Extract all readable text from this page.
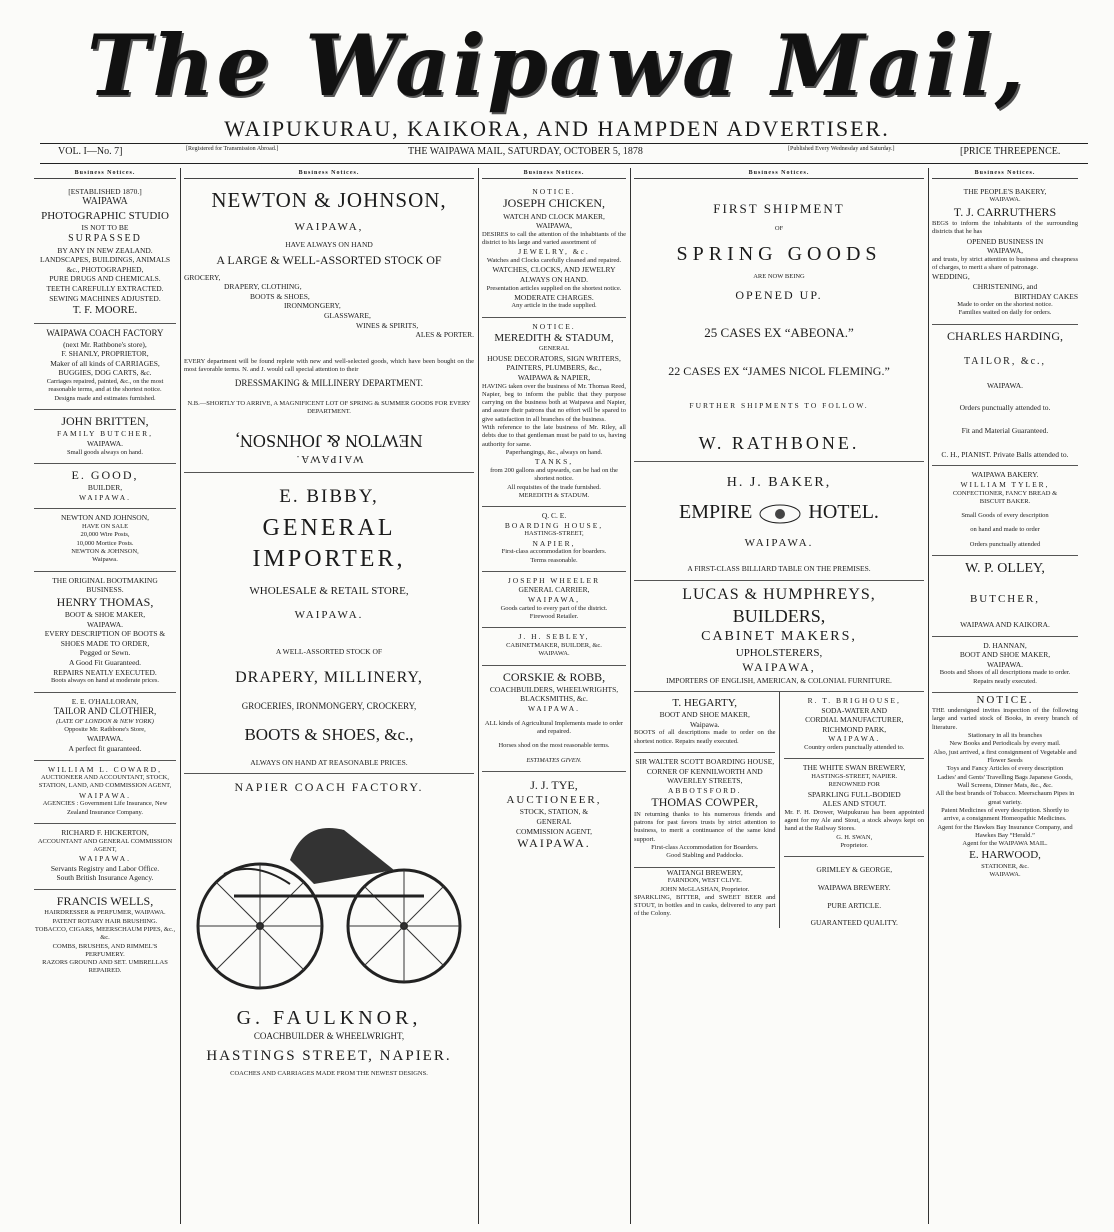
The Waipawa Mail,
WAIPUKURAU, KAIKORA, AND HAMPDEN ADVERTISER.
VOL. I—No. 7]	[Registered for Transmission Abroad.]	THE WAIPAWA MAIL, SATURDAY, OCTOBER 5, 1878	[Published Every Wednesday and Saturday.]	[PRICE THREEPENCE.
Business Notices.
[ESTABLISHED 1870.]
WAIPAWA
PHOTOGRAPHIC STUDIO
IS NOT TO BE
SURPASSED
BY ANY IN NEW ZEALAND.
LANDSCAPES, BUILDINGS, ANIMALS &c., PHOTOGRAPHED,
PURE DRUGS AND CHEMICALS.
TEETH CAREFULLY EXTRACTED.
SEWING MACHINES ADJUSTED.
T. F. MOORE.
WAIPAWA COACH FACTORY
(next Mr. Rathbone's store),
F. SHANLY, PROPRIETOR,
Maker of all kinds of CARRIAGES, BUGGIES, DOG CARTS, &c.
Carriages repaired, painted, &c., on the most reasonable terms, and at the shortest notice.
Designs made and estimates furnished.
JOHN BRITTEN,
FAMILY BUTCHER,
WAIPAWA.
Small goods always on hand.
E. GOOD,
BUILDER,
WAIPAWA.
NEWTON AND JOHNSON,
HAVE ON SALE
20,000 Wire Posts,
10,000 Mortice Posts.
NEWTON & JOHNSON,
Waipawa.
THE ORIGINAL BOOTMAKING
BUSINESS.
HENRY THOMAS,
BOOT & SHOE MAKER,
WAIPAWA.
EVERY DESCRIPTION OF BOOTS &
SHOES MADE TO ORDER,
Pegged or Sewn.
A Good Fit Guaranteed.
REPAIRS NEATLY EXECUTED.
Boots always on hand at moderate prices.
E. E. O'HALLORAN,
TAILOR AND CLOTHIER,
(LATE OF LONDON & NEW YORK)
Opposite Mr. Rathbone's Store,
WAIPAWA.
A perfect fit guaranteed.
WILLIAM L. COWARD,
AUCTIONEER AND ACCOUNTANT, STOCK, STATION, LAND, AND COMMISSION AGENT,
WAIPAWA.
AGENCIES : Government Life Insurance, New Zealand Insurance Company.
RICHARD F. HICKERTON,
ACCOUNTANT AND GENERAL COMMISSION AGENT,
WAIPAWA.
Servants Registry and Labor Office.
South British Insurance Agency.
FRANCIS WELLS,
HAIRDRESSER & PERFUMER, WAIPAWA.
PATENT ROTARY HAIR BRUSHING.
TOBACCO, CIGARS, MEERSCHAUM PIPES, &c., &c.
COMBS, BRUSHES, AND RIMMEL'S PERFUMERY.
RAZORS GROUND AND SET. UMBRELLAS REPAIRED.
Business Notices.
NEWTON & JOHNSON,
WAIPAWA,
HAVE ALWAYS ON HAND
A LARGE & WELL-ASSORTED STOCK OF
GROCERY,
DRAPERY, CLOTHING,
BOOTS & SHOES,
IRONMONGERY,
GLASSWARE,
WINES & SPIRITS,
ALES & PORTER.
EVERY department will be found replete with new and well-selected goods, which have been bought on the most favorable terms. N. and J. would call special attention to their
DRESSMAKING & MILLINERY DEPARTMENT.
N.B.—SHORTLY TO ARRIVE, A MAGNIFICENT LOT OF SPRING & SUMMER GOODS FOR EVERY DEPARTMENT.
WAIPAWA.
NEWTON & JOHNSON,
E. BIBBY,
GENERAL IMPORTER,
WHOLESALE & RETAIL STORE,
WAIPAWA.
A WELL-ASSORTED STOCK OF
DRAPERY, MILLINERY,
GROCERIES, IRONMONGERY, CROCKERY,
BOOTS & SHOES, &c.,
ALWAYS ON HAND AT REASONABLE PRICES.
NAPIER COACH FACTORY.
G. FAULKNOR,
COACHBUILDER & WHEELWRIGHT,
HASTINGS STREET, NAPIER.
COACHES AND CARRIAGES MADE FROM THE NEWEST DESIGNS.
Business Notices.
NOTICE.
JOSEPH CHICKEN,
WATCH AND CLOCK MAKER,
WAIPAWA,
DESIRES to call the attention of the inhabitants of the district to his large and varied assortment of
JEWELRY, &c.
Watches and Clocks carefully cleaned and repaired.
WATCHES, CLOCKS, AND JEWELRY ALWAYS ON HAND.
Presentation articles supplied on the shortest notice.
MODERATE CHARGES.
Any article in the trade supplied.
NOTICE.
MEREDITH & STADUM,
GENERAL
HOUSE DECORATORS, SIGN WRITERS, PAINTERS, PLUMBERS, &c.,
WAIPAWA & NAPIER,
HAVING taken over the business of Mr. Thomas Reed, Napier, beg to inform the public that they purpose carrying on the business both at Waipawa and Napier, and assure their patrons that no effort will be spared to give satisfaction in all branches of the business.
With reference to the late business of Mr. Riley, all debts due to that gentleman must be paid to us, having authority for same.
Paperhangings, &c., always on hand.
TANKS,
from 200 gallons and upwards, can be had on the shortest notice.
All requisites of the trade furnished.
MEREDITH & STADUM.
Q. C. E.
BOARDING HOUSE,
HASTINGS-STREET,
NAPIER,
First-class accommodation for boarders.
Terms reasonable.
JOSEPH WHEELER
GENERAL CARRIER,
WAIPAWA,
Goods carted to every part of the district.
Firewood Retailer.
J. H. SEBLEY,
CABINETMAKER, BUILDER, &c.
WAIPAWA.
CORSKIE & ROBB,
COACHBUILDERS, WHEELWRIGHTS,
BLACKSMITHS, &c.
WAIPAWA.
ALL kinds of Agricultural Implements made to order and repaired.
Horses shod on the most reasonable terms.
ESTIMATES GIVEN.
J. J. TYE,
AUCTIONEER,
STOCK, STATION, &
GENERAL
COMMISSION AGENT,
WAIPAWA.
Business Notices.
FIRST SHIPMENT
OF
SPRING GOODS
ARE NOW BEING
OPENED UP.
25 CASES EX “ABEONA.”
22 CASES EX “JAMES NICOL FLEMING.”
FURTHER SHIPMENTS TO FOLLOW.
W. RATHBONE.
H. J. BAKER,
EMPIRE	HOTEL.
WAIPAWA.
A FIRST-CLASS BILLIARD TABLE ON THE PREMISES.
LUCAS & HUMPHREYS,
BUILDERS,
CABINET MAKERS,
UPHOLSTERERS,
WAIPAWA,
IMPORTERS OF ENGLISH, AMERICAN, & COLONIAL FURNITURE.
T. HEGARTY,
BOOT AND SHOE MAKER,
Waipawa.
BOOTS of all descriptions made to order on the shortest notice. Repairs neatly executed.
SIR WALTER SCOTT BOARDING HOUSE,
CORNER OF KENNILWORTH AND WAVERLEY STREETS,
ABBOTSFORD.
THOMAS COWPER,
IN returning thanks to his numerous friends and patrons for past favors trusts by strict attention to business, to merit a continuance of the same kind support.
First-class Accommodation for Boarders.
Good Stabling and Paddocks.
WAITANGI BREWERY,
FARNDON, WEST CLIVE.
JOHN McGLASHAN, Proprietor.
SPARKLING, BITTER, and SWEET BEER and STOUT, in bottles and in casks, delivered to any part of the Colony.
R. T. BRIGHOUSE,
SODA-WATER AND
CORDIAL MANUFACTURER,
RICHMOND PARK,
WAIPAWA.
Country orders punctually attended to.
THE WHITE SWAN BREWERY,
HASTINGS-STREET, NAPIER.
RENOWNED FOR
SPARKLING FULL-BODIED
ALES AND STOUT.
Mr. F. H. Drower, Waipukurau has been appointed agent for my Ale and Stout, a stock always kept on hand at the Railway Stores.
G. H. SWAN,
Proprietor.
GRIMLEY & GEORGE,
WAIPAWA BREWERY.
PURE ARTICLE.
GUARANTEED QUALITY.
Business Notices.
THE PEOPLE'S BAKERY,
WAIPAWA.
T. J. CARRUTHERS
BEGS to inform the inhabitants of the surrounding districts that he has
OPENED BUSINESS IN
WAIPAWA,
and trusts, by strict attention to business and cheapness of charges, to merit a share of patronage.
WEDDING,
CHRISTENING, and
BIRTHDAY CAKES
Made to order on the shortest notice.
Families waited on daily for orders.
CHARLES HARDING,
TAILOR, &c.,
WAIPAWA.
Orders punctually attended to.
Fit and Material Guaranteed.
C. H., PIANIST. Private Balls attended to.
WAIPAWA BAKERY.
WILLIAM TYLER,
CONFECTIONER, FANCY BREAD &
BISCUIT BAKER.
Small Goods of every description
on hand and made to order
Orders punctually attended
W. P. OLLEY,
BUTCHER,
WAIPAWA AND KAIKORA.
D. HANNAN,
BOOT AND SHOE MAKER,
WAIPAWA.
Boots and Shoes of all descriptions made to order.
Repairs neatly executed.
NOTICE.
THE undersigned invites inspection of the following large and varied stock of Books, in every branch of literature.
Stationary in all its branches
New Books and Periodicals by every mail.
Also, just arrived, a first consignment of Vegetable and Flower Seeds
Toys and Fancy Articles of every description
Ladies' and Gents' Travelling Bags Japanese Goods, Wall Screens, Dinner Mats, &c., &c.
All the best brands of Tobacco. Meerschaum Pipes in great variety.
Patent Medicines of every description. Shortly to arrive, a consignment Homeopathic Medicines.
Agent for the Hawkes Bay Insurance Company, and Hawkes Bay “Herald.”
Agent for the WAIPAWA MAIL.
E. HARWOOD,
STATIONER, &c.
WAIPAWA.
